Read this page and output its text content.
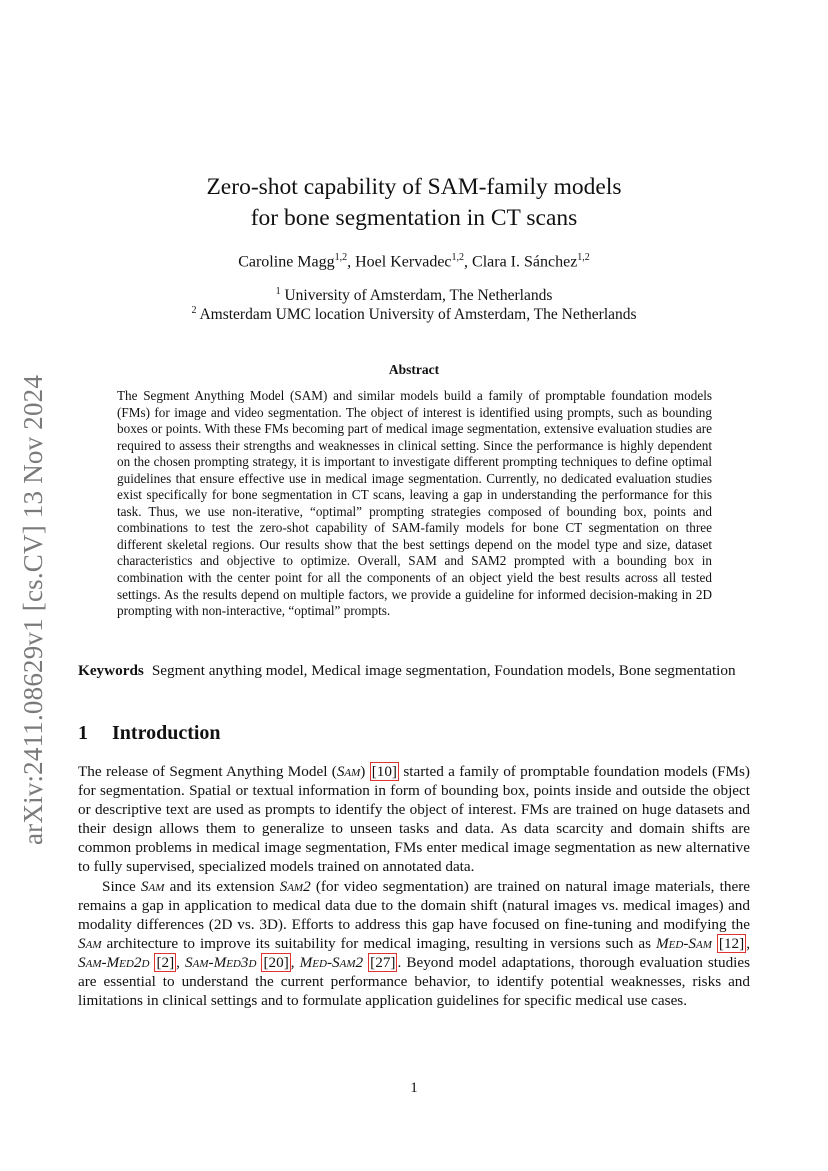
arXiv:2411.08629v1 [cs.CV] 13 Nov 2024
Zero-shot capability of SAM-family models
for bone segmentation in CT scans
Caroline Magg$^{1,2}$, Hoel Kervadec$^{1,2}$, Clara I. Sánchez$^{1,2}$
$^1$ University of Amsterdam, The Netherlands
$^2$ Amsterdam UMC location University of Amsterdam, The Netherlands
Abstract
The Segment Anything Model (SAM) and similar models build a family of promptable foundation models (FMs) for image and video segmentation. The object of interest is identified using prompts, such as bounding boxes or points. With these FMs becoming part of medical image segmentation, extensive evaluation studies are required to assess their strengths and weaknesses in clinical setting. Since the performance is highly dependent on the chosen prompting strategy, it is important to investigate different prompting techniques to define optimal guidelines that ensure effective use in medical image segmentation. Currently, no dedicated evaluation studies exist specifically for bone segmentation in CT scans, leaving a gap in understanding the performance for this task. Thus, we use non-iterative, “optimal” prompting strategies composed of bounding box, points and combinations to test the zero-shot capability of SAM-family models for bone CT segmentation on three different skeletal regions. Our results show that the best settings depend on the model type and size, dataset characteristics and objective to optimize. Overall, SAM and SAM2 prompted with a bounding box in combination with the center point for all the components of an object yield the best results across all tested settings. As the results depend on multiple factors, we provide a guideline for informed decision-making in 2D prompting with non-interactive, “optimal” prompts.
Keywords Segment anything model, Medical image segmentation, Foundation models, Bone segmentation
1 Introduction

The release of Segment Anything Model (Sam) [10] started a family of promptable foundation models (FMs) for segmentation. Spatial or textual information in form of bounding box, points inside and outside the object or descriptive text are used as prompts to identify the object of interest. FMs are trained on huge datasets and their design allows them to generalize to unseen tasks and data. As data scarcity and domain shifts are common problems in medical image segmentation, FMs enter medical image segmentation as new alternative to fully supervised, specialized models trained on annotated data.

Since Sam and its extension Sam2 (for video segmentation) are trained on natural image materials, there remains a gap in application to medical data due to the domain shift (natural images vs. medical images) and modality differences (2D vs. 3D). Efforts to address this gap have focused on fine-tuning and modifying the Sam architecture to improve its suitability for medical imaging, resulting in versions such as Med-Sam [12] , Sam-Med2d [2] , Sam-Med3d [20] , Med-Sam2 [27] . Beyond model adaptations, thorough evaluation studies are essential to understand the current performance behavior, to identify potential weaknesses, risks and limitations in clinical settings and to formulate application guidelines for specific medical use cases.

1
